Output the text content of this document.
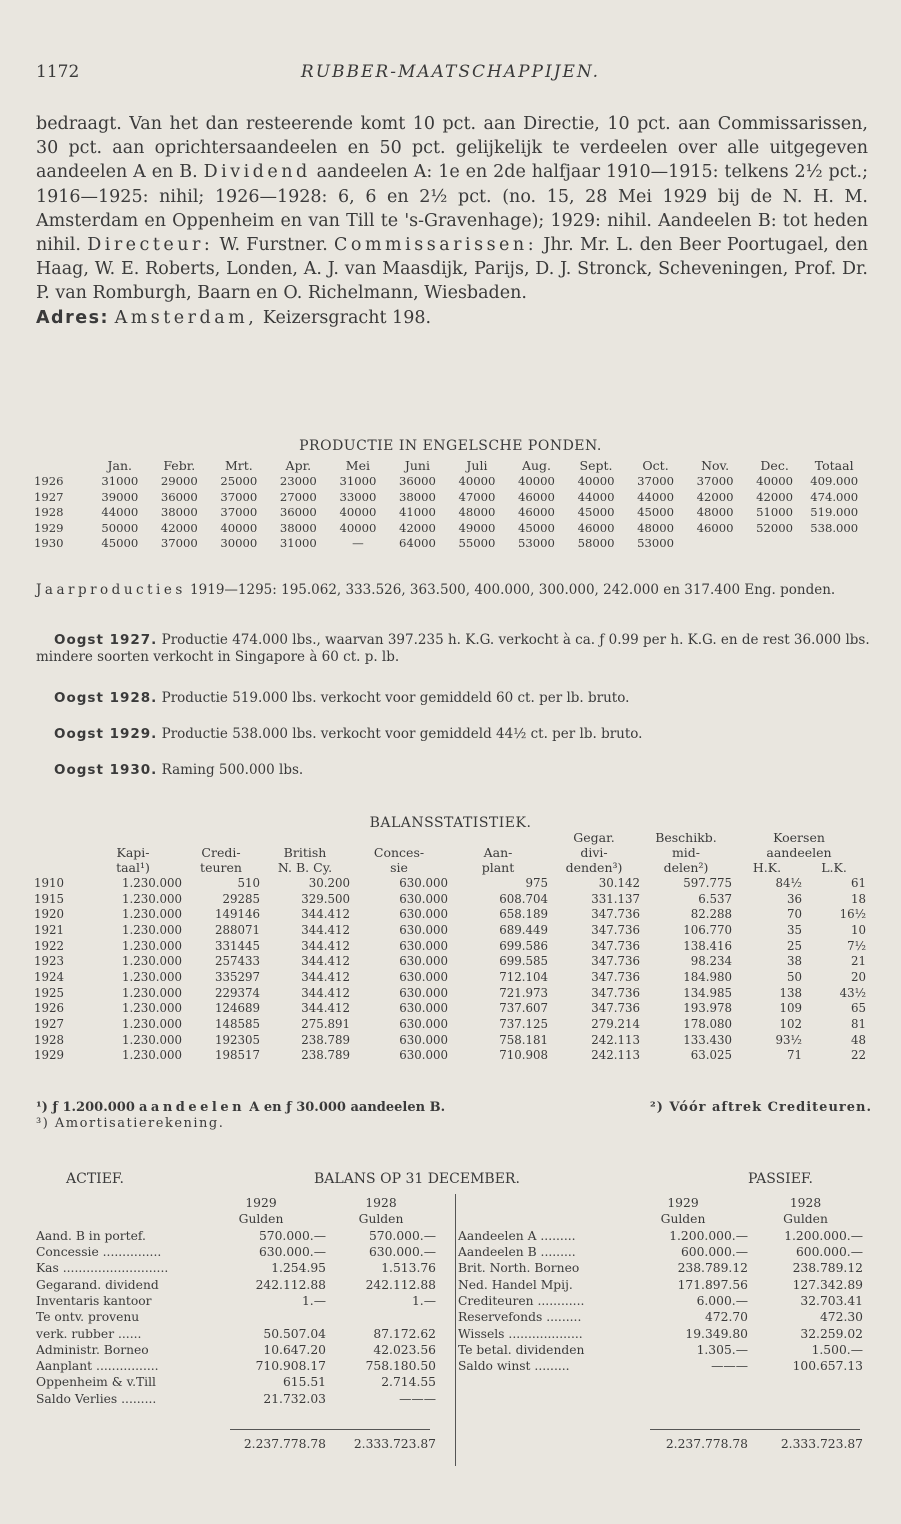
1172	RUBBER-MAATSCHAPPIJEN.
bedraagt. Van het dan resteerende komt 10 pct. aan Directie, 10 pct. aan Commissarissen, 30 pct. aan oprichtersaandeelen en 50 pct. gelijkelijk te verdeelen over alle uitgegeven aandeelen A en B. Dividend aandeelen A: 1e en 2de halfjaar 1910—1915: telkens 2½ pct.; 1916—1925: nihil; 1926—1928: 6, 6 en 2½ pct. (no. 15, 28 Mei 1929 bij de N. H. M. Amsterdam en Oppenheim en van Till te 's-Gravenhage); 1929: nihil. Aandeelen B: tot heden nihil. Directeur: W. Furstner. Commissarissen: Jhr. Mr. L. den Beer Poortugael, den Haag, W. E. Roberts, Londen, A. J. van Maasdijk, Parijs, D. J. Stronck, Scheveningen, Prof. Dr. P. van Romburgh, Baarn en O. Richelmann, Wiesbaden.
Adres: Amsterdam, Keizersgracht 198.
PRODUCTIE IN ENGELSCHE PONDEN.
	Jan.	Febr.	Mrt.	Apr.	Mei	Juni	Juli	Aug.	Sept.	Oct.	Nov.	Dec.	Totaal
1926	31000	29000	25000	23000	31000	36000	40000	40000	40000	37000	37000	40000	409.000
1927	39000	36000	37000	27000	33000	38000	47000	46000	44000	44000	42000	42000	474.000
1928	44000	38000	37000	36000	40000	41000	48000	46000	45000	45000	48000	51000	519.000
1929	50000	42000	40000	38000	40000	42000	49000	45000	46000	48000	46000	52000	538.000
1930	45000	37000	30000	31000	—	64000	55000	53000	58000	53000			
Jaarproducties 1919—1295: 195.062, 333.526, 363.500, 400.000, 300.000, 242.000 en 317.400 Eng. ponden.
Oogst 1927. Productie 474.000 lbs., waarvan 397.235 h. K.G. verkocht à ca. ƒ 0.99 per h. K.G. en de rest 36.000 lbs. mindere soorten verkocht in Singapore à 60 ct. p. lb.
Oogst 1928. Productie 519.000 lbs. verkocht voor gemiddeld 60 ct. per lb. bruto.
Oogst 1929. Productie 538.000 lbs. verkocht voor gemiddeld 44½ ct. per lb. bruto.
Oogst 1930. Raming 500.000 lbs.
BALANSSTATISTIEK.
						Gegar.	Beschikb.	Koersen	
	Kapi-	Credi-	British	Conces-	Aan-	divi-	mid-	aandeelen	
	taal¹)	teuren	N. B. Cy.	sie	plant	denden³)	delen²)	H.K.	L.K.
1910	1.230.000	510	30.200	630.000	975	30.142	597.775	84½	61
1915	1.230.000	29285	329.500	630.000	608.704	331.137	6.537	36	18
1920	1.230.000	149146	344.412	630.000	658.189	347.736	82.288	70	16½
1921	1.230.000	288071	344.412	630.000	689.449	347.736	106.770	35	10
1922	1.230.000	331445	344.412	630.000	699.586	347.736	138.416	25	7½
1923	1.230.000	257433	344.412	630.000	699.585	347.736	98.234	38	21
1924	1.230.000	335297	344.412	630.000	712.104	347.736	184.980	50	20
1925	1.230.000	229374	344.412	630.000	721.973	347.736	134.985	138	43½
1926	1.230.000	124689	344.412	630.000	737.607	347.736	193.978	109	65
1927	1.230.000	148585	275.891	630.000	737.125	279.214	178.080	102	81
1928	1.230.000	192305	238.789	630.000	758.181	242.113	133.430	93½	48
1929	1.230.000	198517	238.789	630.000	710.908	242.113	63.025	71	22
¹) ƒ 1.200.000 aandeelen A en ƒ 30.000 aandeelen B.	²) Vóór aftrek Crediteuren.
³) Amortisatierekening.
ACTIEF.	BALANS OP 31 DECEMBER.	PASSIEF.
	1929	1928
	Gulden	Gulden
Aand. B in portef.	570.000.—	570.000.—
Concessie ...............	630.000.—	630.000.—
Kas ...........................	1.254.95	1.513.76
Gegarand. dividend	242.112.88	242.112.88
Inventaris kantoor	1.—	1.—
Te ontv. provenu		
verk. rubber ......	50.507.04	87.172.62
Administr. Borneo	10.647.20	42.023.56
Aanplant ................	710.908.17	758.180.50
Oppenheim & v.Till	615.51	2.714.55
Saldo Verlies .........	21.732.03	———
	1929	1928
	Gulden	Gulden
Aandeelen A .........	1.200.000.—	1.200.000.—
Aandeelen B .........	600.000.—	600.000.—
Brit. North. Borneo	238.789.12	238.789.12
Ned. Handel Mpij.	171.897.56	127.342.89
Crediteuren ............	6.000.—	32.703.41
Reservefonds .........	472.70	472.30
Wissels ...................	19.349.80	32.259.02
Te betal. dividenden	1.305.—	1.500.—
Saldo winst .........	———	100.657.13
2.237.778.78	2.333.723.87	2.237.778.78	2.333.723.87
